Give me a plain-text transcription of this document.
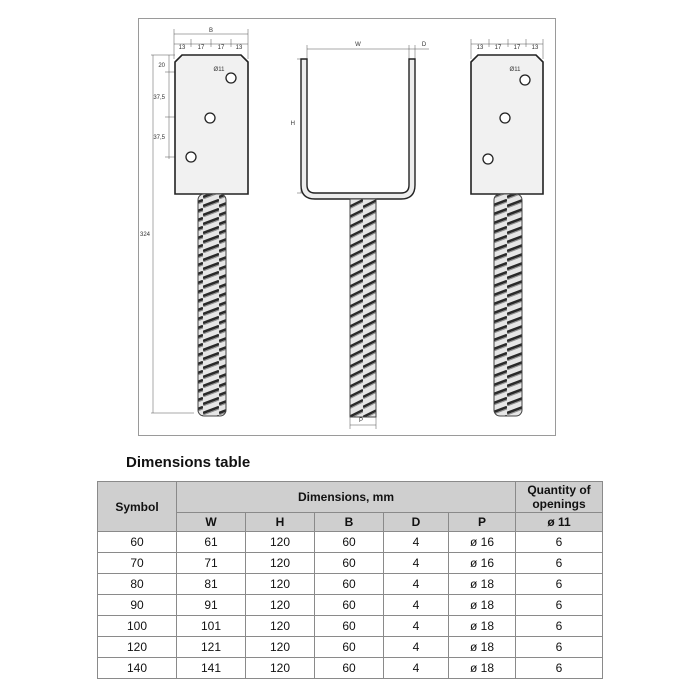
B
13 17 17 13
20
37,5
37,5
324
Ø11
W	D
H
P
13 17 17 13
Ø11
Dimensions table
Symbol	Dimensions, mm					Quantity of
openings

	W	H	B	D	P	ø 11
60	61	120	60	4	ø 16	6
70	71	120	60	4	ø 16	6
80	81	120	60	4	ø 18	6
90	91	120	60	4	ø 18	6
100	101	120	60	4	ø 18	6
120	121	120	60	4	ø 18	6
140	141	120	60	4	ø 18	6
